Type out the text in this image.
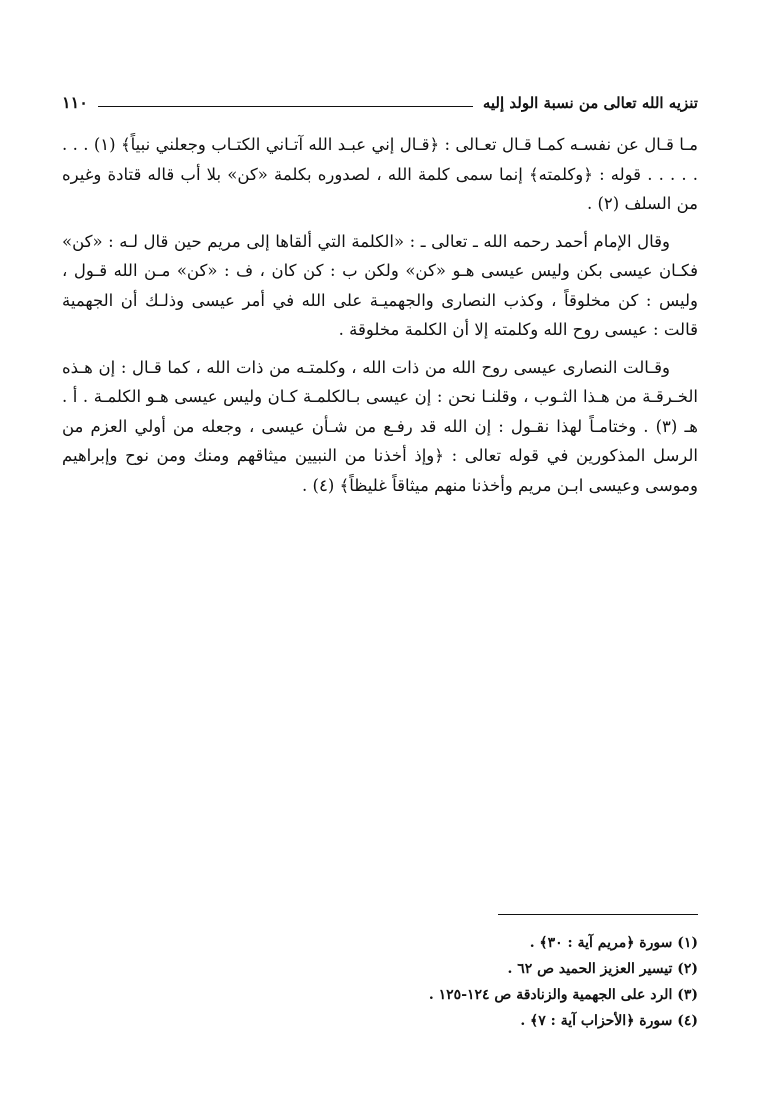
تنزيه الله تعالى من نسبة الولد إليه
١١٠

مـا قـال عن نفسـه كمـا قـال تعـالى : ﴿قـال إني عبـد الله آتـاني الكتـاب وجعلني نبياً﴾ (١) . . . . . . . . قوله : ﴿وكلمته﴾ إنما سمى كلمة الله ، لصدوره بكلمة «كن» بلا أب قاله قتادة وغيره من السلف (٢) .

وقال الإمام أحمد رحمه الله ـ تعالى ـ : «الكلمة التي ألقاها إلى مريم حين قال لـه : «كن» فكـان عيسى بكن وليس عيسى هـو «كن» ولكن ب : كن كان ، ف : «كن» مـن الله قـول ، وليس : كن مخلوقاً ، وكذب النصارى والجهميـة على الله في أمر عيسى وذلـك أن الجهمية قالت : عيسى روح الله وكلمته إلا أن الكلمة مخلوقة .

وقـالت النصارى عيسى روح الله من ذات الله ، وكلمتـه من ذات الله ، كما قـال : إن هـذه الخـرقـة من هـذا الثـوب ، وقلنـا نحن : إن عيسى بـالكلمـة كـان وليس عيسى هـو الكلمـة . أ . هـ (٣) . وختامـاً لهذا نقـول : إن الله قد رفـع من شـأن عيسى ، وجعله من أولي العزم من الرسل المذكورين في قوله تعالى : ﴿وإذ أخذنا من النبيين ميثاقهم ومنك ومن نوح وإبراهيم وموسى وعيسى ابـن مريم وأخذنا منهم ميثاقاً غليظاً﴾ (٤) .

(١) سورة ﴿مريم آية : ٣٠﴾ .
(٢) تيسير العزيز الحميد ص ٦٢ .
(٣) الرد على الجهمية والزنادقة ص ١٢٤-١٢٥ .
(٤) سورة ﴿الأحزاب آية : ٧﴾ .
